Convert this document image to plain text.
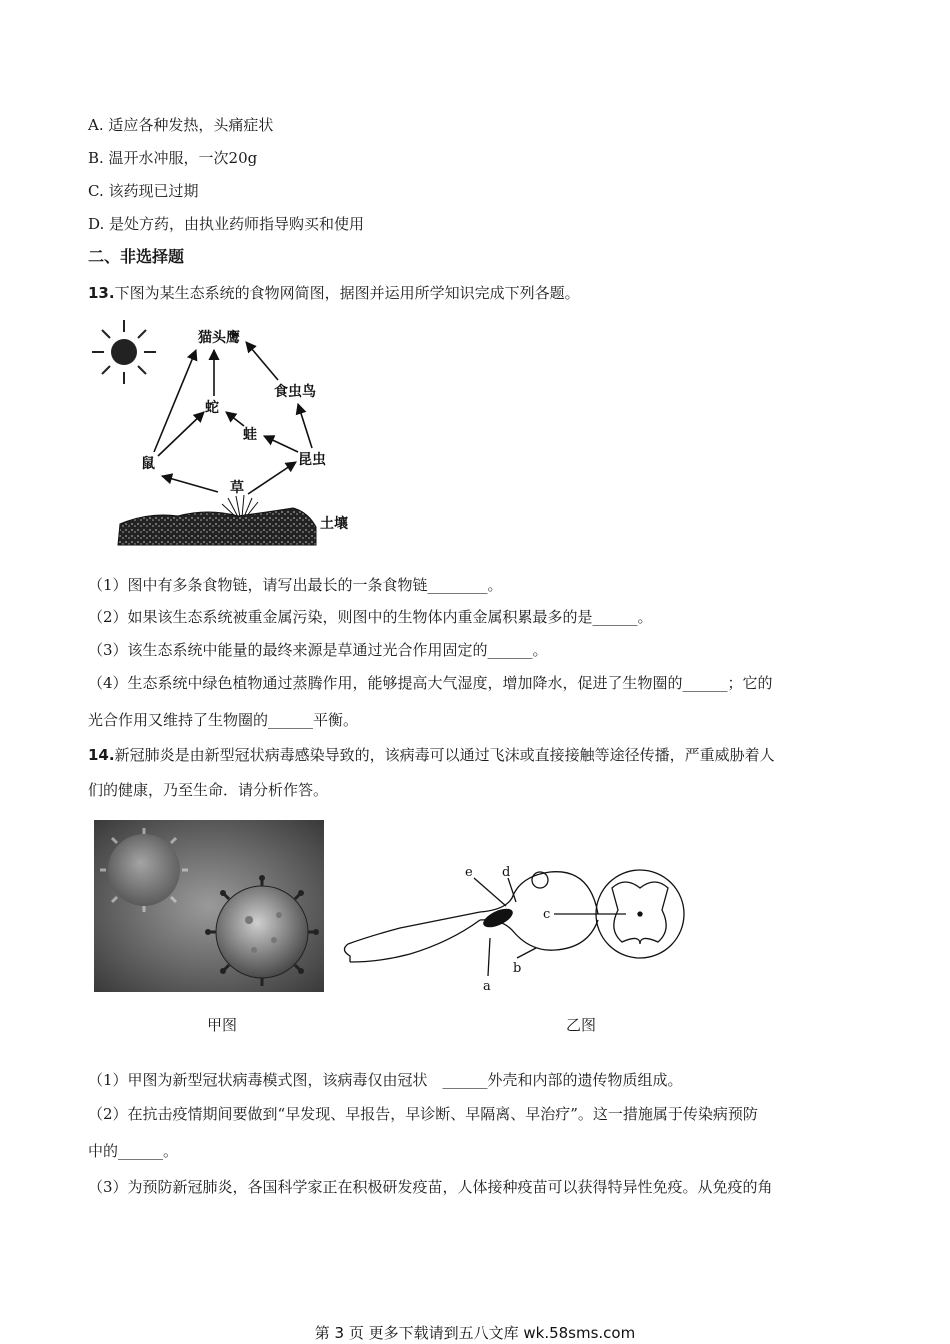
A. 适应各种发热，头痛症状
B. 温开水冲服，一次20g
C. 该药现已过期
D. 是处方药，由执业药师指导购买和使用
二、非选择题
13.下图为某生态系统的食物网简图，据图并运用所学知识完成下列各题。
猫头鹰
食虫鸟
蛇
蛙
鼠	昆虫
草
土壤
（1）图中有多条食物链，请写出最长的一条食物链________。
（2）如果该生态系统被重金属污染，则图中的生物体内重金属积累最多的是______。
（3）该生态系统中能量的最终来源是草通过光合作用固定的______。
（4）生态系统中绿色植物通过蒸腾作用，能够提高大气湿度，增加降水，促进了生物圈的______；它的
光合作用又维持了生物圈的______平衡。
14.新冠肺炎是由新型冠状病毒感染导致的，该病毒可以通过飞沫或直接接触等途径传播，严重威胁着人
们的健康，乃至生命．请分析作答。
甲图
e d
c
b
a
乙图
（1）甲图为新型冠状病毒模式图，该病毒仅由冠状　______外壳和内部的遗传物质组成。
（2）在抗击疫情期间要做到“早发现、早报告，早诊断、早隔离、早治疗”。这一措施属于传染病预防
中的______。
（3）为预防新冠肺炎，各国科学家正在积极研发疫苗，人体接种疫苗可以获得特异性免疫。从免疫的角
第 3 页 更多下载请到五八文库 wk.58sms.com
